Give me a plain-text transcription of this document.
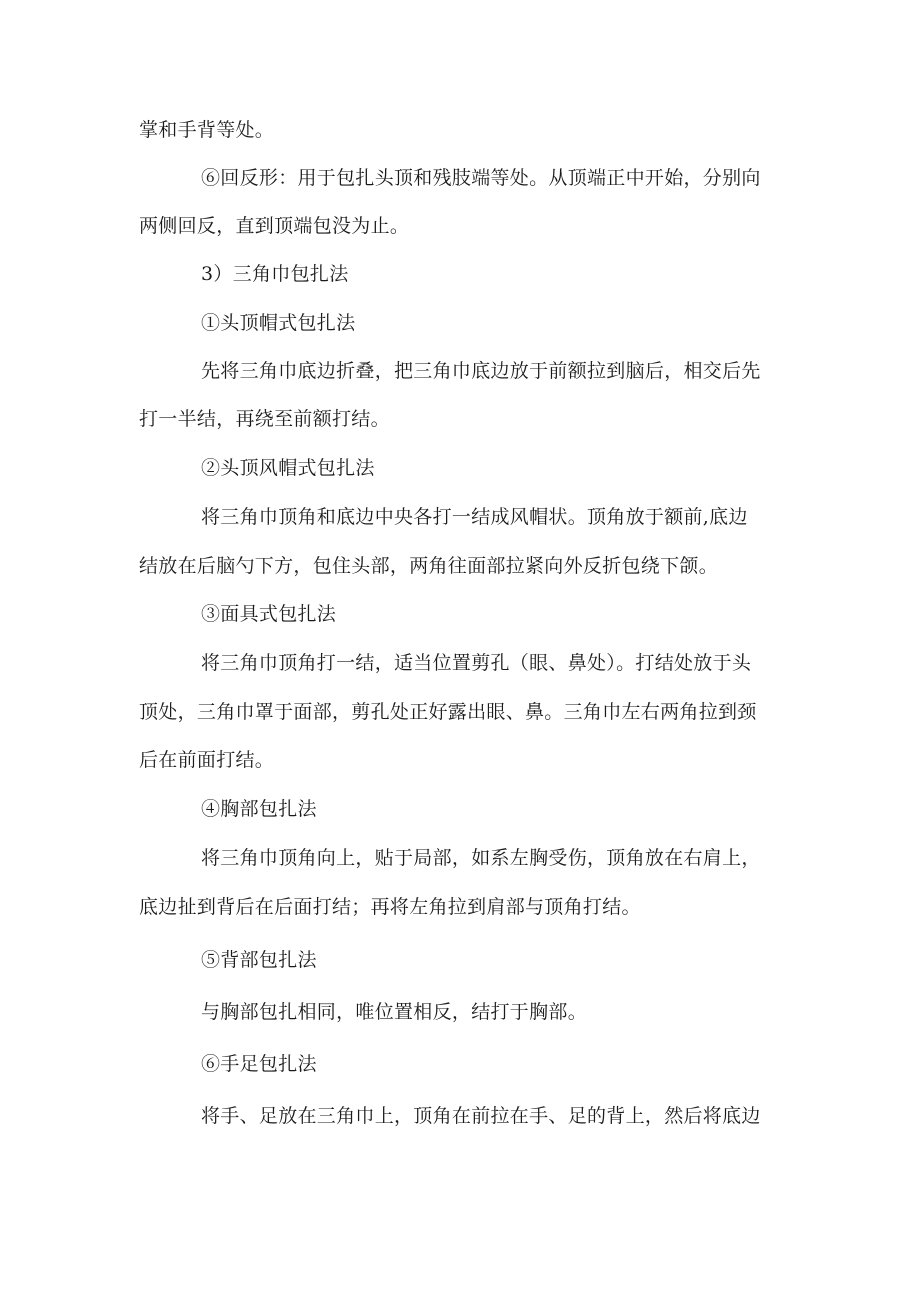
掌和手背等处。
⑥回反形：用于包扎头顶和残肢端等处。从顶端正中开始，分别向
两侧回反，直到顶端包没为止。
3）三角巾包扎法
①头顶帽式包扎法
先将三角巾底边折叠，把三角巾底边放于前额拉到脑后，相交后先
打一半结，再绕至前额打结。
②头顶风帽式包扎法
将三角巾顶角和底边中央各打一结成风帽状。顶角放于额前,底边
结放在后脑勺下方，包住头部，两角往面部拉紧向外反折包绕下颌。
③面具式包扎法
将三角巾顶角打一结，适当位置剪孔（眼、鼻处）。打结处放于头
顶处，三角巾罩于面部，剪孔处正好露出眼、鼻。三角巾左右两角拉到颈
后在前面打结。
④胸部包扎法
将三角巾顶角向上，贴于局部，如系左胸受伤，顶角放在右肩上，
底边扯到背后在后面打结；再将左角拉到肩部与顶角打结。
⑤背部包扎法
与胸部包扎相同，唯位置相反，结打于胸部。
⑥手足包扎法
将手、足放在三角巾上，顶角在前拉在手、足的背上，然后将底边
